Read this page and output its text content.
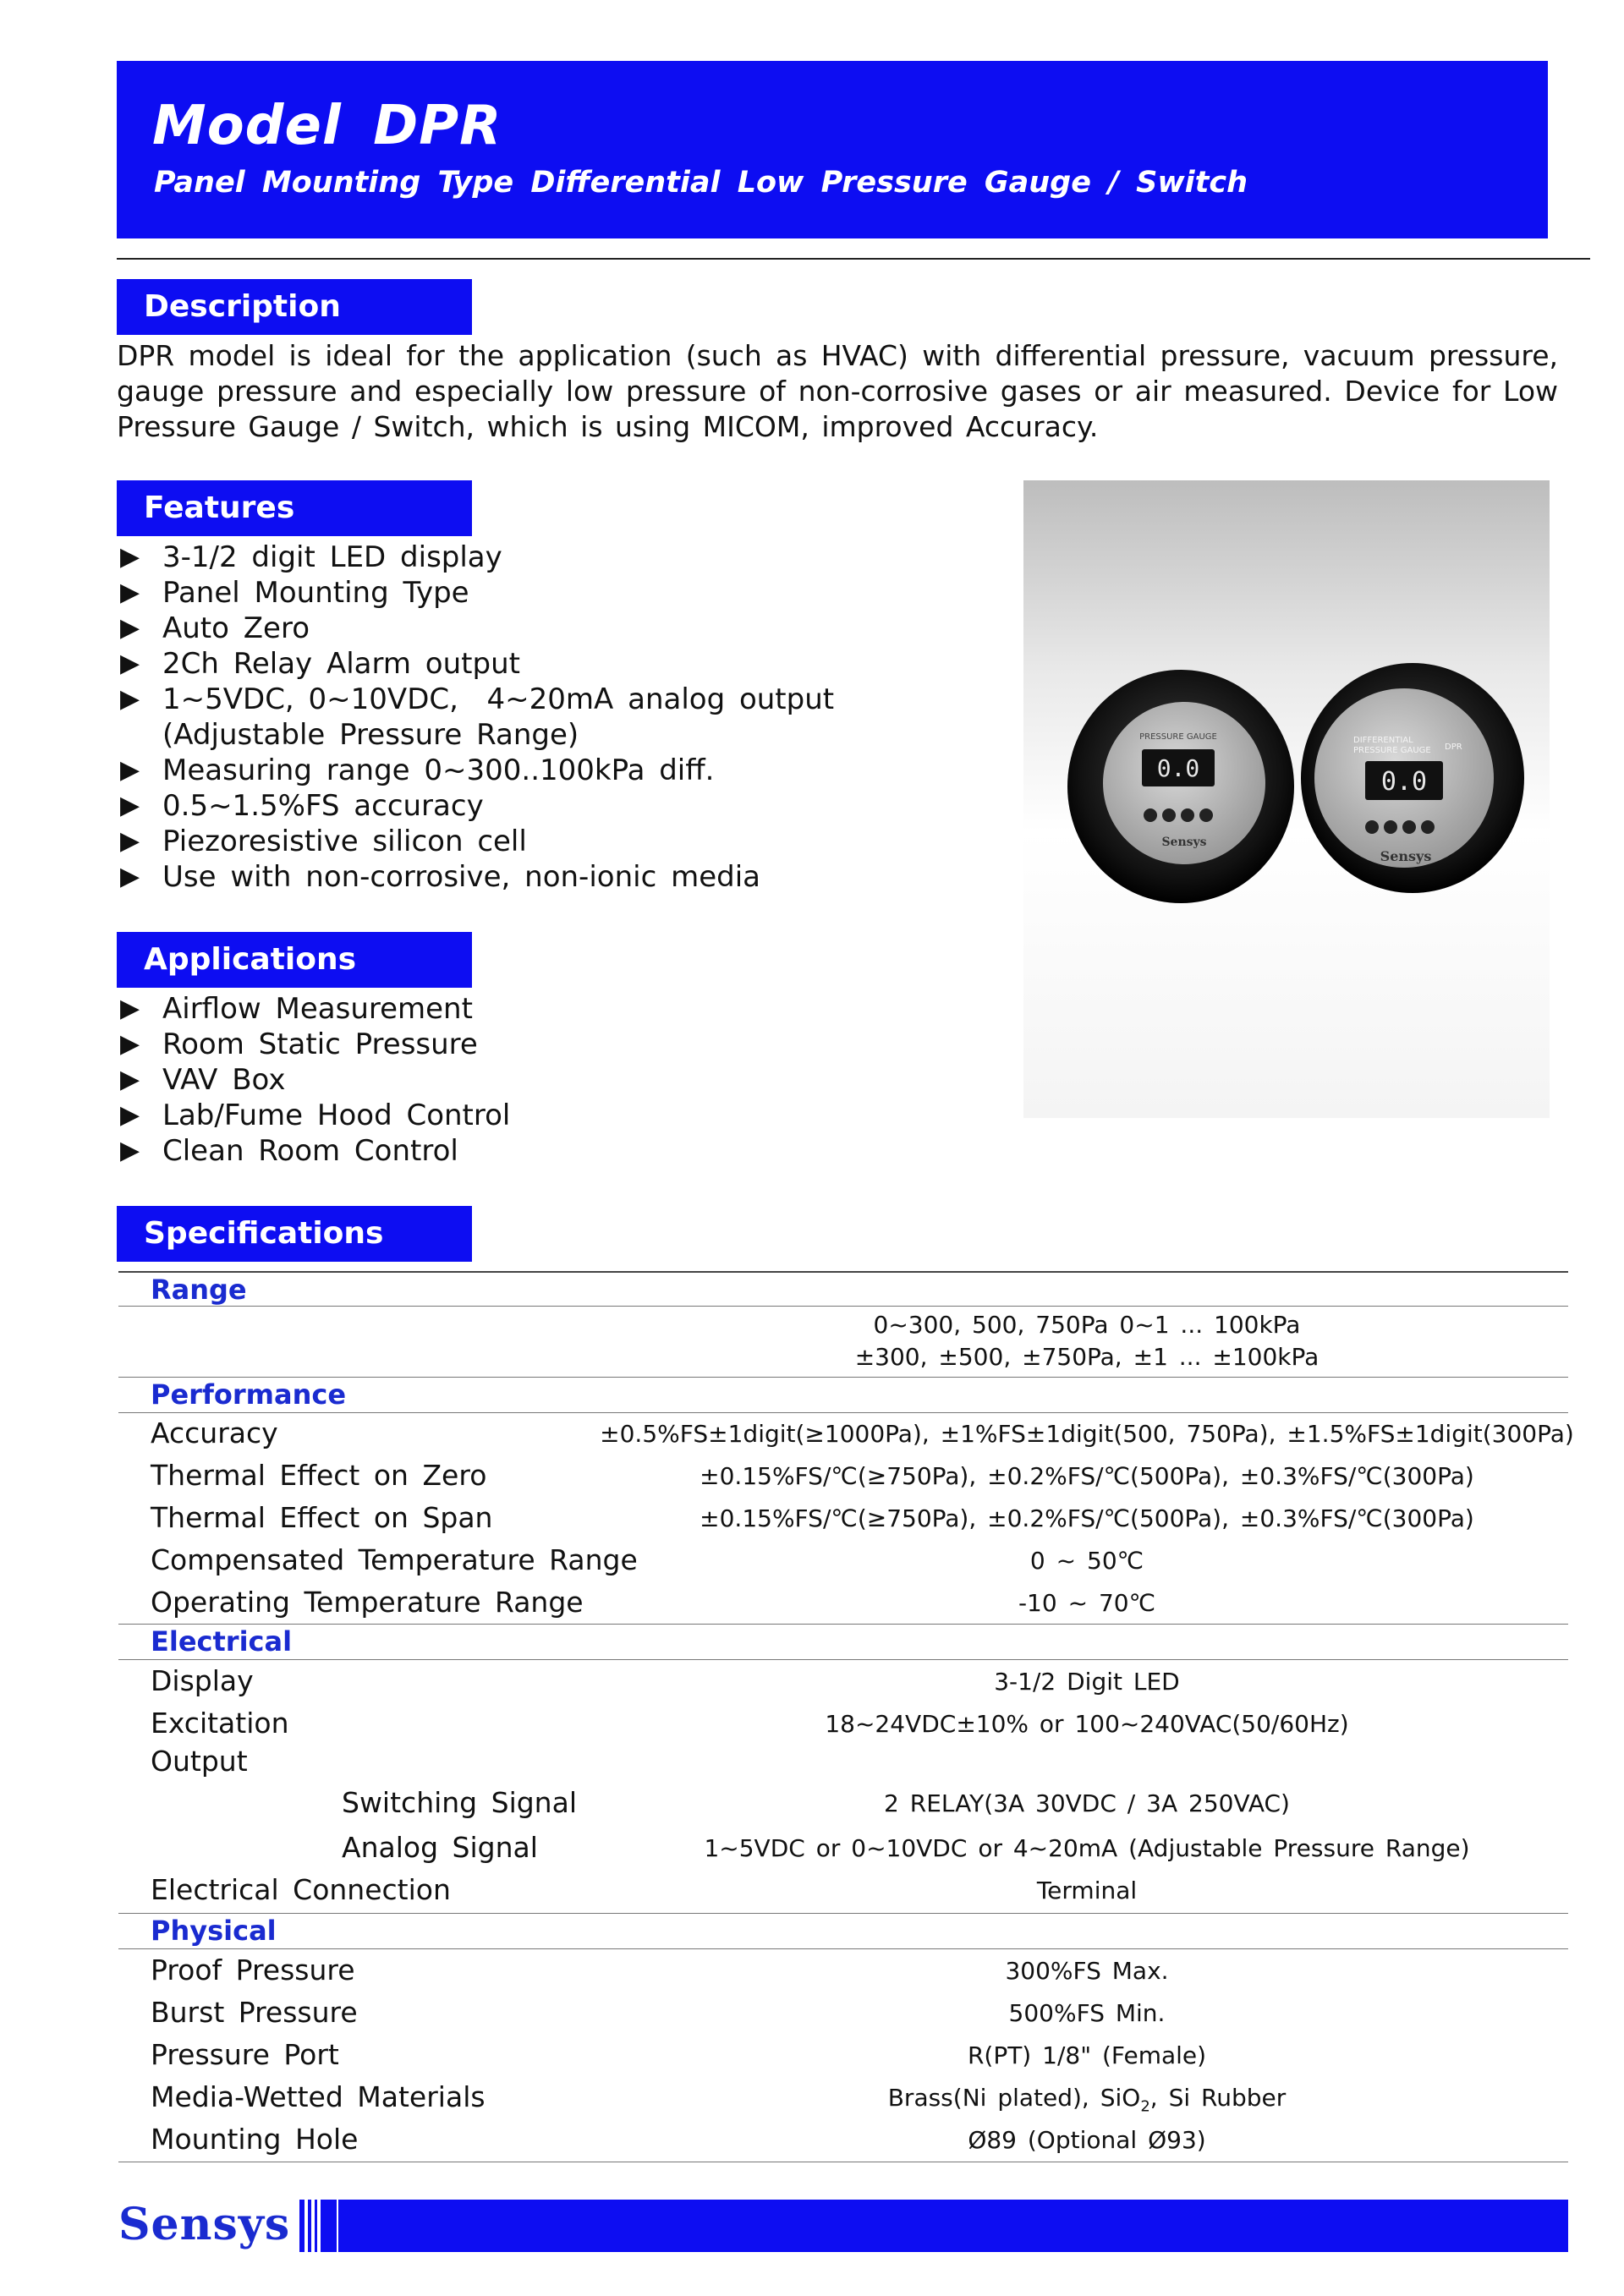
Model DPR
Panel Mounting Type Differential Low Pressure Gauge / Switch
Description
DPR model is ideal for the application (such as HVAC) with differential pressure, vacuum pressure, gauge pressure and especially low pressure of non-corrosive gases or air measured. Device for Low Pressure Gauge / Switch, which is using MICOM, improved Accuracy.
Features
▶ 3-1/2 digit LED display
▶ Panel Mounting Type
▶ Auto Zero
▶ 2Ch Relay Alarm output
▶ 1~5VDC, 0~10VDC,  4~20mA analog output
(Adjustable Pressure Range)
▶ Measuring range 0~300..100kPa diff.
▶ 0.5~1.5%FS accuracy
▶ Piezoresistive silicon cell
▶ Use with non-corrosive, non-ionic media
0.0
PRESSURE GAUGE
Sensys
DIFFERENTIAL
PRESSURE GAUGE DPR
0.0
Sensys
Applications
▶ Airflow Measurement
▶ Room Static Pressure
▶ VAV Box
▶ Lab/Fume Hood Control
▶ Clean Room Control
Specifications
Range
0~300, 500, 750Pa 0~1 ... 100kPa
±300, ±500, ±750Pa, ±1 ... ±100kPa
Performance
Accuracy	±0.5%FS±1digit(≥1000Pa), ±1%FS±1digit(500, 750Pa), ±1.5%FS±1digit(300Pa)
Thermal Effect on Zero	±0.15%FS/℃(≥750Pa), ±0.2%FS/℃(500Pa), ±0.3%FS/℃(300Pa)
Thermal Effect on Span	±0.15%FS/℃(≥750Pa), ±0.2%FS/℃(500Pa), ±0.3%FS/℃(300Pa)
Compensated Temperature Range	0 ~ 50℃
Operating Temperature Range	-10 ~ 70℃
Electrical
Display	3-1/2 Digit LED
Excitation	18~24VDC±10% or 100~240VAC(50/60Hz)
Output
Switching Signal	2 RELAY(3A 30VDC / 3A 250VAC)
Analog Signal	1~5VDC or 0~10VDC or 4~20mA (Adjustable Pressure Range)
Electrical Connection	Terminal
Physical
Proof Pressure	300%FS Max.
Burst Pressure	500%FS Min.
Pressure Port	R(PT) 1/8" (Female)
Media-Wetted Materials	Brass(Ni plated), SiO$_2$, Si Rubber
Mounting Hole	Ø89 (Optional Ø93)
Sensys
